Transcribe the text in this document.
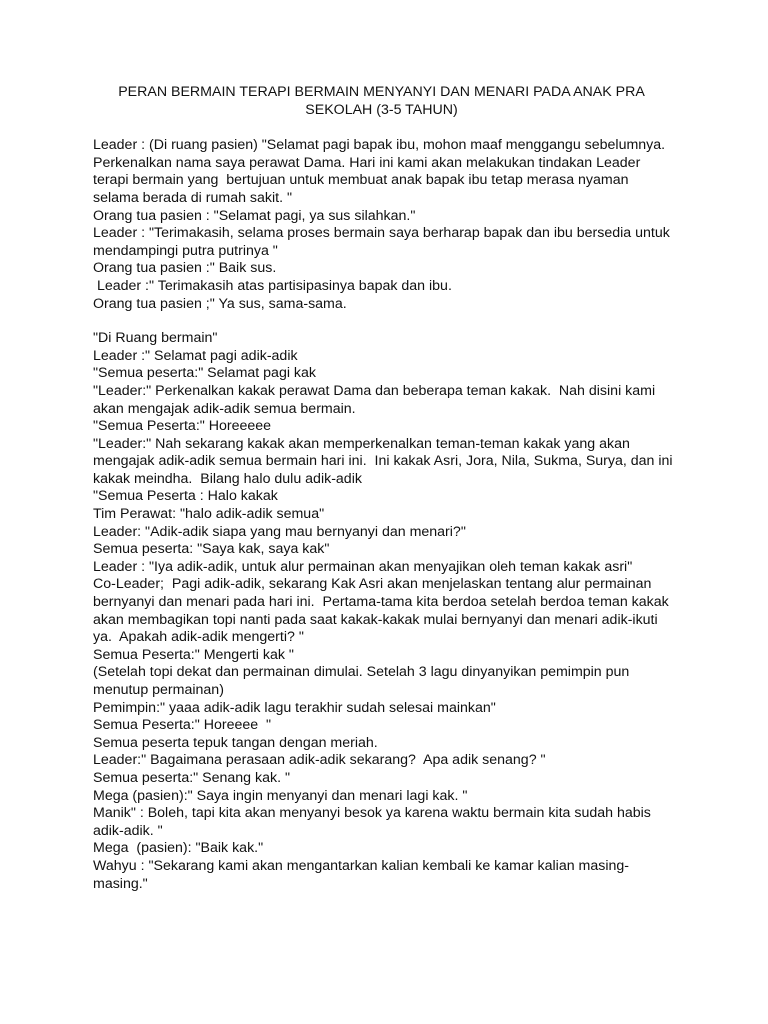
PERAN BERMAIN TERAPI BERMAIN MENYANYI DAN MENARI PADA ANAK PRA
SEKOLAH (3-5 TAHUN)
Leader : (Di ruang pasien) "Selamat pagi bapak ibu, mohon maaf menggangu sebelumnya.
Perkenalkan nama saya perawat Dama. Hari ini kami akan melakukan tindakan Leader
terapi bermain yang  bertujuan untuk membuat anak bapak ibu tetap merasa nyaman
selama berada di rumah sakit. "
Orang tua pasien : "Selamat pagi, ya sus silahkan."
Leader : "Terimakasih, selama proses bermain saya berharap bapak dan ibu bersedia untuk
mendampingi putra putrinya "
Orang tua pasien :" Baik sus.
Leader :" Terimakasih atas partisipasinya bapak dan ibu.
Orang tua pasien ;" Ya sus, sama-sama.
"Di Ruang bermain"
Leader :" Selamat pagi adik-adik
"Semua peserta:" Selamat pagi kak
"Leader:" Perkenalkan kakak perawat Dama dan beberapa teman kakak.  Nah disini kami
akan mengajak adik-adik semua bermain.
"Semua Peserta:" Horeeeee
"Leader:" Nah sekarang kakak akan memperkenalkan teman-teman kakak yang akan
mengajak adik-adik semua bermain hari ini.  Ini kakak Asri, Jora, Nila, Sukma, Surya, dan ini
kakak meindha.  Bilang halo dulu adik-adik
"Semua Peserta : Halo kakak
Tim Perawat: "halo adik-adik semua"
Leader: "Adik-adik siapa yang mau bernyanyi dan menari?"
Semua peserta: "Saya kak, saya kak"
Leader : "Iya adik-adik, untuk alur permainan akan menyajikan oleh teman kakak asri"
Co-Leader;  Pagi adik-adik, sekarang Kak Asri akan menjelaskan tentang alur permainan
bernyanyi dan menari pada hari ini.  Pertama-tama kita berdoa setelah berdoa teman kakak
akan membagikan topi nanti pada saat kakak-kakak mulai bernyanyi dan menari adik-ikuti
ya.  Apakah adik-adik mengerti? "
Semua Peserta:" Mengerti kak "
(Setelah topi dekat dan permainan dimulai. Setelah 3 lagu dinyanyikan pemimpin pun
menutup permainan)
Pemimpin:" yaaa adik-adik lagu terakhir sudah selesai mainkan"
Semua Peserta:" Horeeee  "
Semua peserta tepuk tangan dengan meriah.
Leader:" Bagaimana perasaan adik-adik sekarang?  Apa adik senang? "
Semua peserta:" Senang kak. "
Mega (pasien):" Saya ingin menyanyi dan menari lagi kak. "
Manik" : Boleh, tapi kita akan menyanyi besok ya karena waktu bermain kita sudah habis
adik-adik. "
Mega  (pasien): "Baik kak."
Wahyu : "Sekarang kami akan mengantarkan kalian kembali ke kamar kalian masing-
masing."
